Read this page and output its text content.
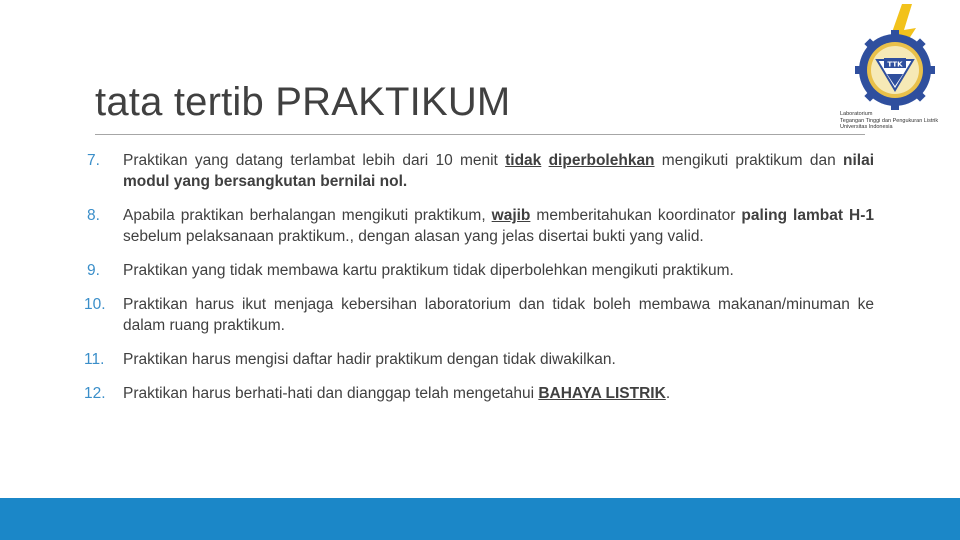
tata tertib PRAKTIKUM
TTK
Laboratorium
Tegangan Tinggi dan Pengukuran Listrik
Universitas Indonesia
7.	Praktikan yang datang terlambat lebih dari 10 menit tidak diperbolehkan mengikuti praktikum dan nilai modul yang bersangkutan bernilai nol.
8.	Apabila praktikan berhalangan mengikuti praktikum, wajib memberitahukan koordinator paling lambat H-1 sebelum pelaksanaan praktikum., dengan alasan yang jelas disertai bukti yang valid.
9.	Praktikan yang tidak membawa kartu praktikum tidak diperbolehkan mengikuti praktikum.
10.	Praktikan harus ikut menjaga kebersihan laboratorium dan tidak boleh membawa makanan/minuman ke dalam ruang praktikum.
11.	Praktikan harus mengisi daftar hadir praktikum dengan tidak diwakilkan.
12.	Praktikan harus berhati-hati dan dianggap telah mengetahui BAHAYA LISTRIK.
